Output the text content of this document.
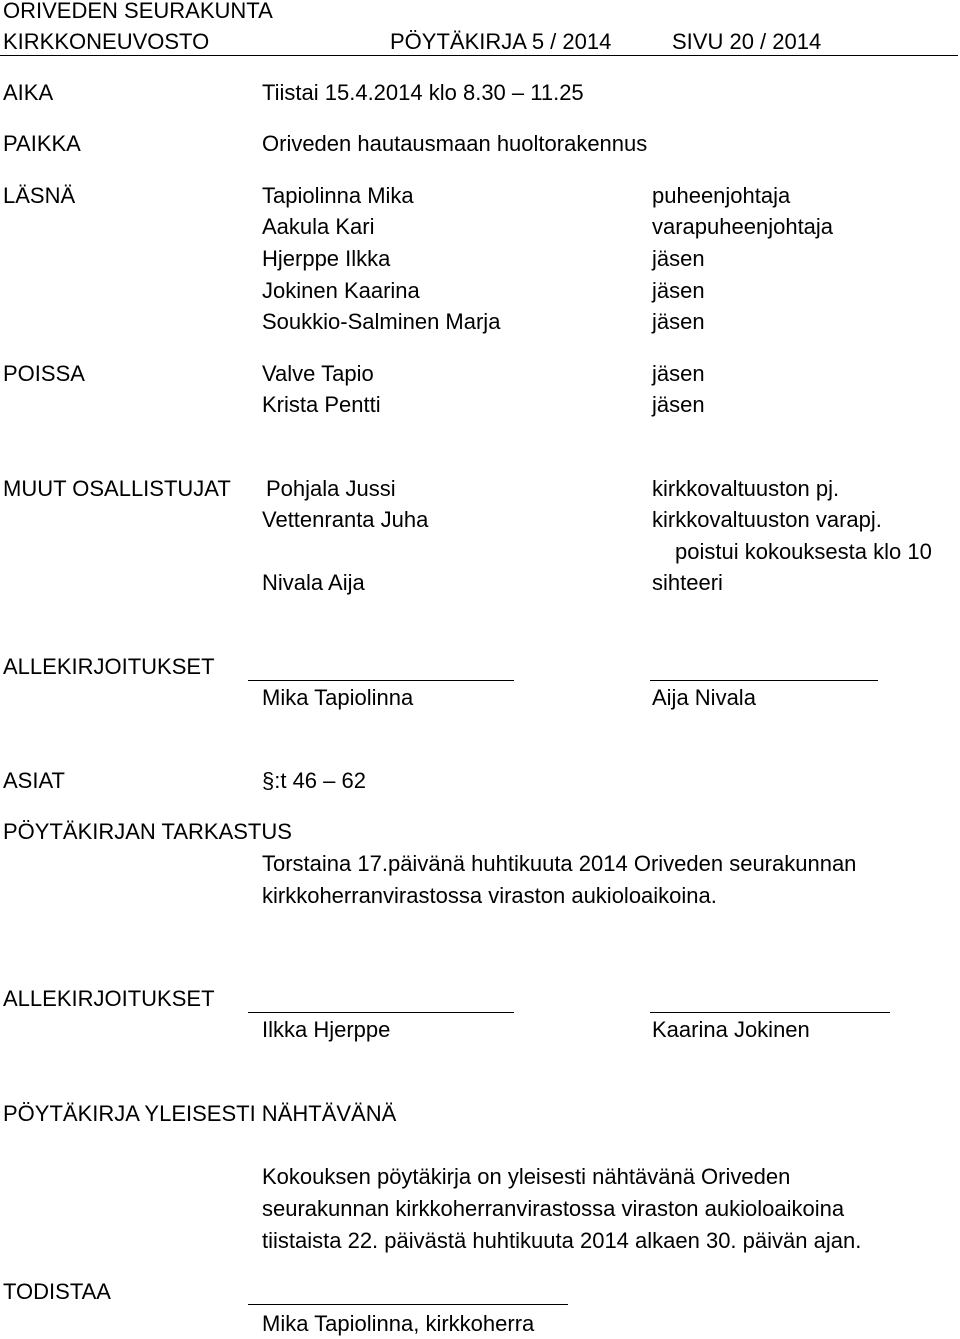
ORIVEDEN SEURAKUNTA
KIRKKONEUVOSTO	PÖYTÄKIRJA 5 / 2014	SIVU 20 / 2014
AIKA	Tiistai 15.4.2014 klo 8.30 – 11.25
PAIKKA	Oriveden hautausmaan huoltorakennus
LÄSNÄ	Tapiolinna Mika	puheenjohtaja
Aakula Kari	varapuheenjohtaja
Hjerppe Ilkka	jäsen
Jokinen Kaarina	jäsen
Soukkio-Salminen Marja	jäsen
POISSA	Valve Tapio	jäsen
Krista Pentti	jäsen
MUUT OSALLISTUJAT Pohjala Jussi	kirkkovaltuuston pj.
Vettenranta Juha	kirkkovaltuuston varapj.
poistui kokouksesta klo 10
Nivala Aija	sihteeri
ALLEKIRJOITUKSET
Mika Tapiolinna	Aija Nivala
ASIAT	§:t 46 – 62
PÖYTÄKIRJAN TARKASTUS
Torstaina 17.päivänä huhtikuuta 2014 Oriveden seurakunnan
kirkkoherranvirastossa viraston aukioloaikoina.
ALLEKIRJOITUKSET
Ilkka Hjerppe	Kaarina Jokinen
PÖYTÄKIRJA YLEISESTI NÄHTÄVÄNÄ
Kokouksen pöytäkirja on yleisesti nähtävänä Oriveden
seurakunnan kirkkoherranvirastossa viraston aukioloaikoina
tiistaista 22. päivästä huhtikuuta 2014 alkaen 30. päivän ajan.
TODISTAA
Mika Tapiolinna, kirkkoherra
